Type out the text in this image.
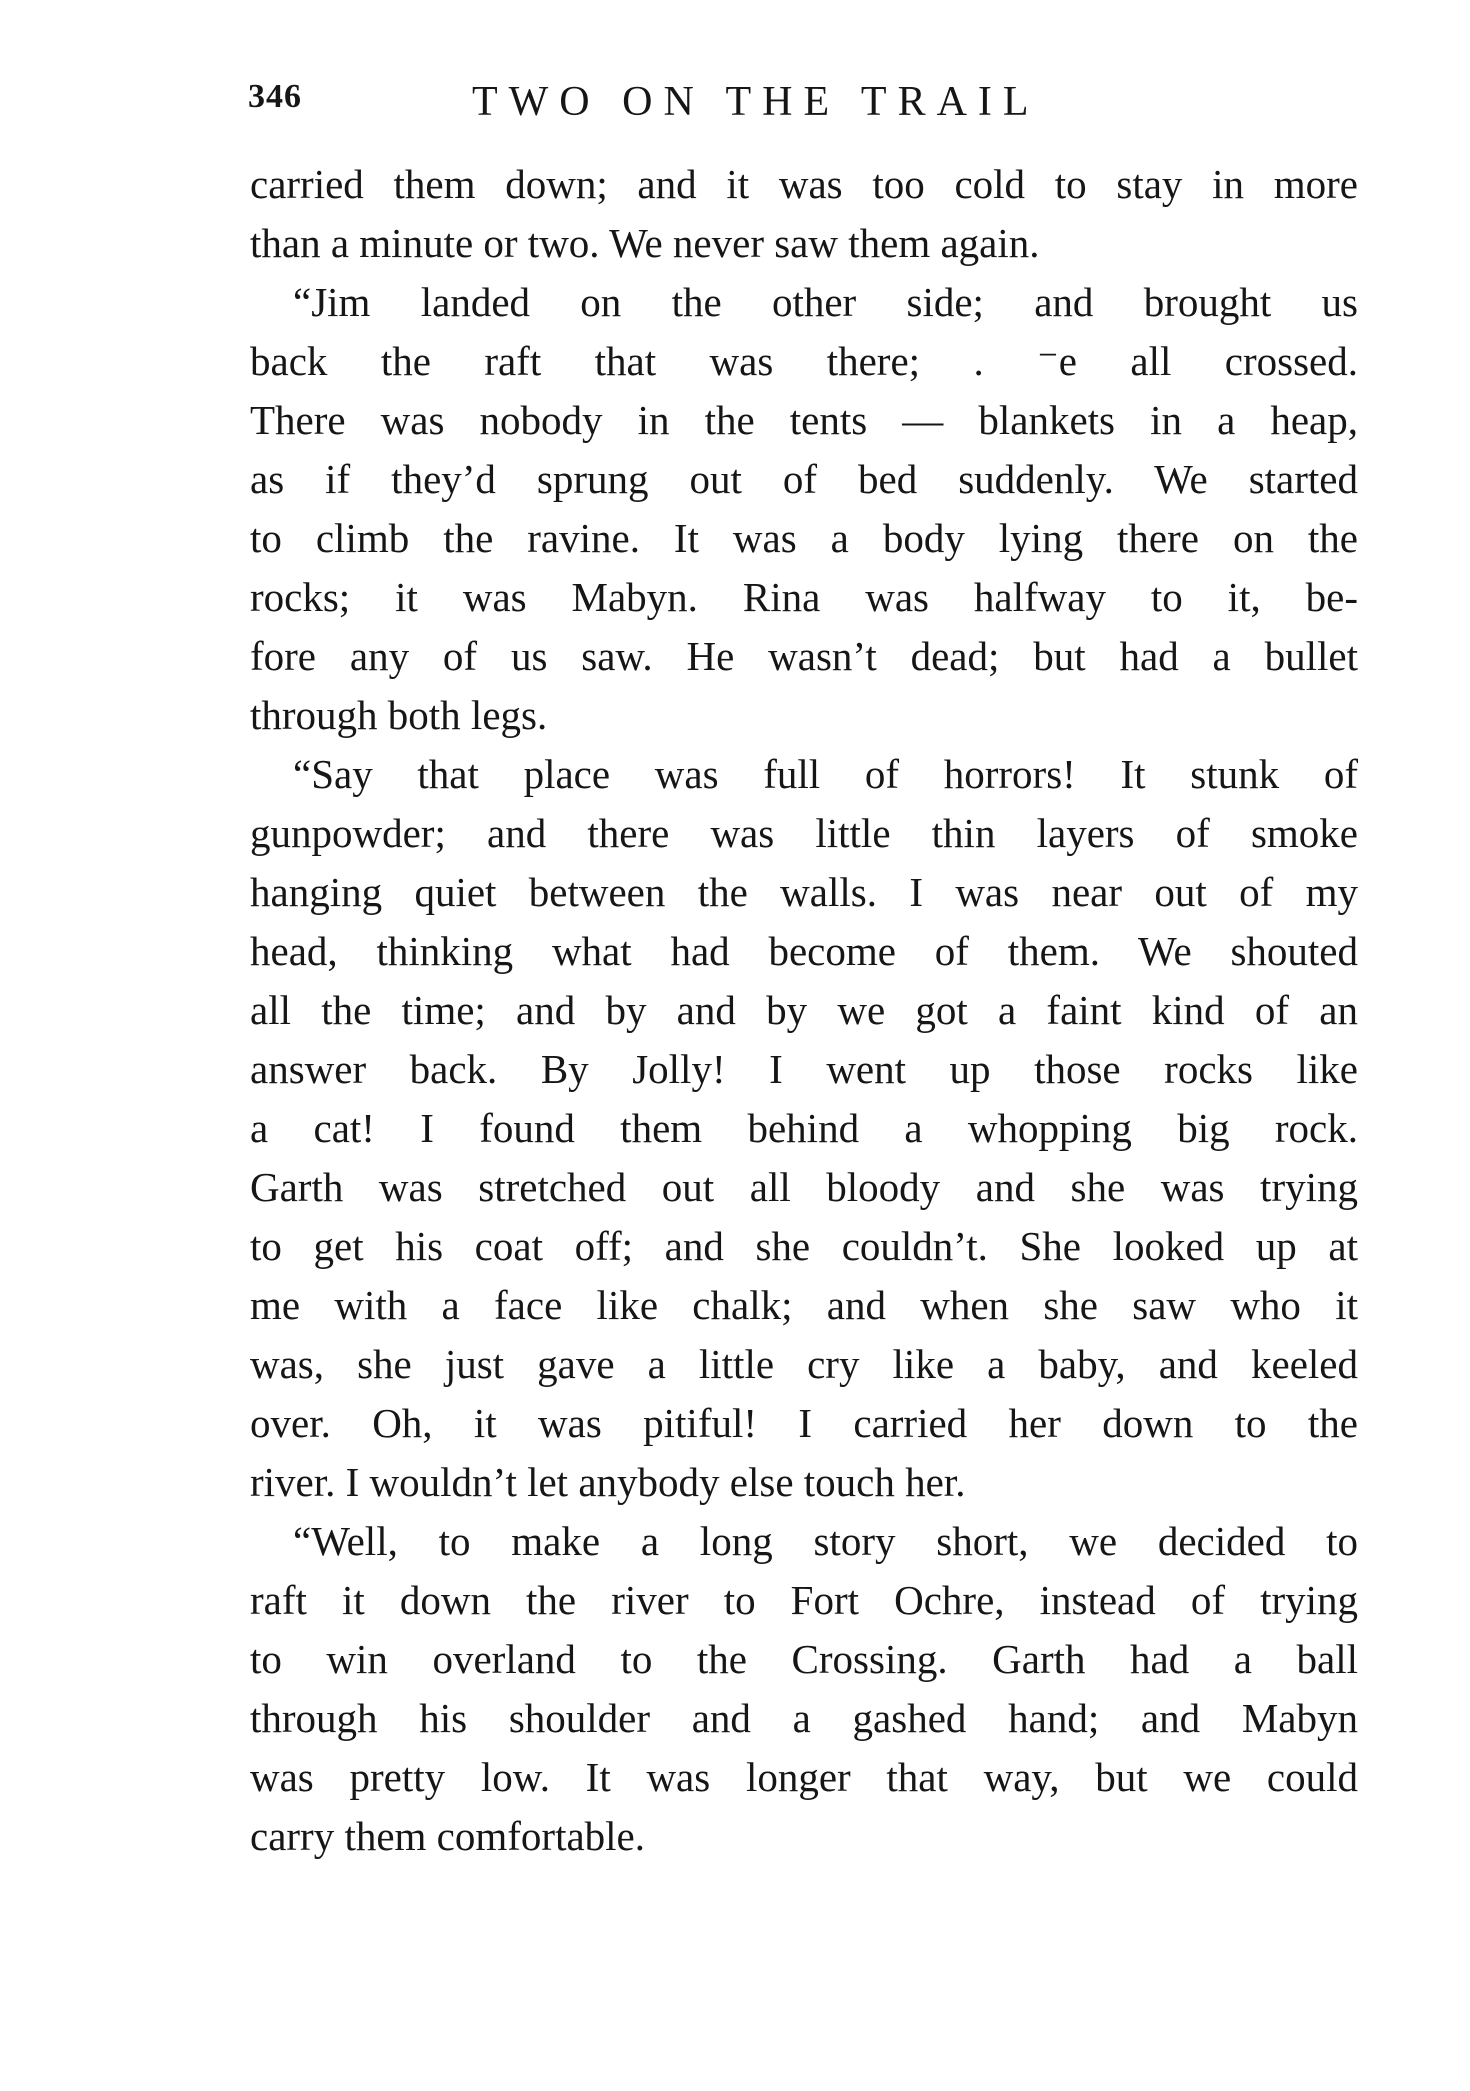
346	TWO ON THE TRAIL
carried them down; and it was too cold to stay in more
than a minute or two. We never saw them again.
“Jim landed on the other side; and brought us
back the raft that was there; . ⁻e all crossed.
There was nobody in the tents — blankets in a heap,
as if they’d sprung out of bed suddenly. We started
to climb the ravine. It was a body lying there on the
rocks; it was Mabyn. Rina was halfway to it, be-
fore any of us saw. He wasn’t dead; but had a bullet
through both legs.
“Say that place was full of horrors! It stunk of
gunpowder; and there was little thin layers of smoke
hanging quiet between the walls. I was near out of my
head, thinking what had become of them. We shouted
all the time; and by and by we got a faint kind of an
answer back. By Jolly! I went up those rocks like
a cat! I found them behind a whopping big rock.
Garth was stretched out all bloody and she was trying
to get his coat off; and she couldn’t. She looked up at
me with a face like chalk; and when she saw who it
was, she just gave a little cry like a baby, and keeled
over. Oh, it was pitiful! I carried her down to the
river. I wouldn’t let anybody else touch her.
“Well, to make a long story short, we decided to
raft it down the river to Fort Ochre, instead of trying
to win overland to the Crossing. Garth had a ball
through his shoulder and a gashed hand; and Mabyn
was pretty low. It was longer that way, but we could
carry them comfortable.
